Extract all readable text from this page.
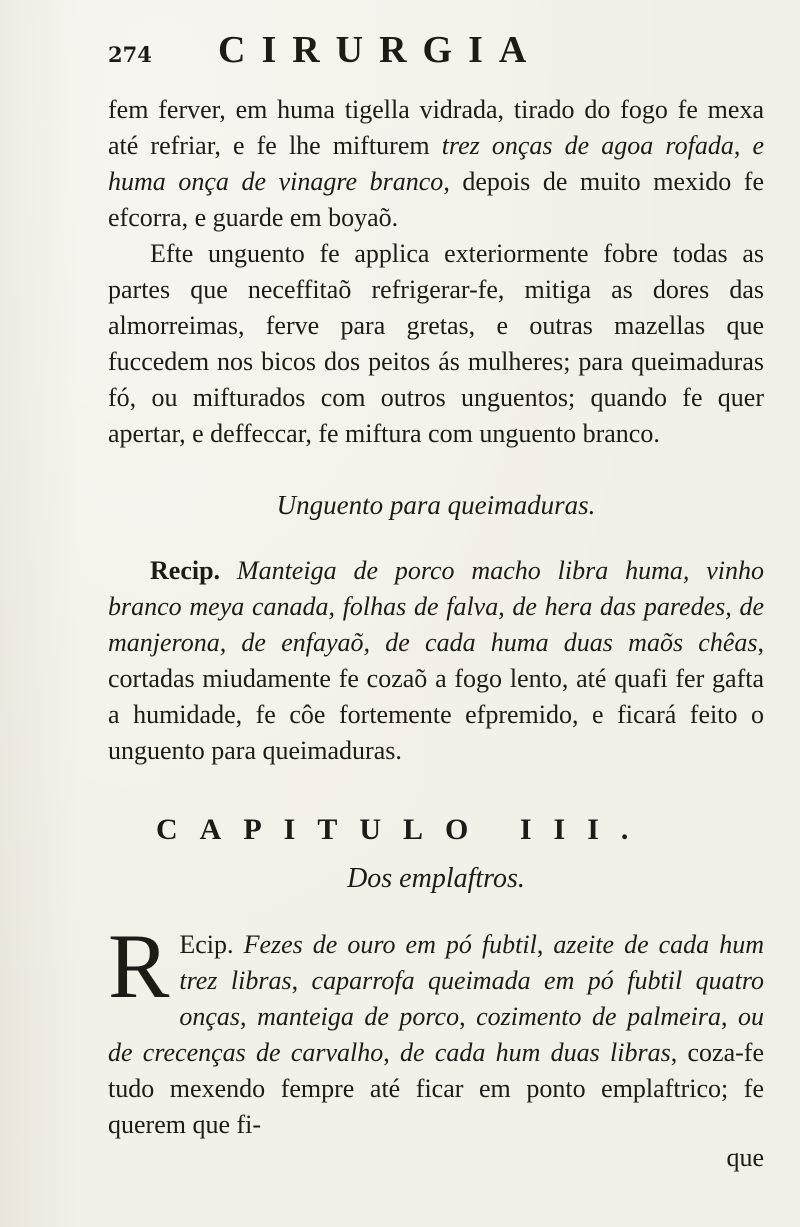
274	CIRURGIA

fem ferver, em huma tigella vidrada, tirado do fogo fe mexa até refriar, e fe lhe mifturem trez onças de agoa rofada, e huma onça de vinagre branco, depois de muito mexido fe efcorra, e guarde em boyaõ.

Efte unguento fe applica exteriormente fobre todas as partes que neceffitaõ refrigerar-fe, mitiga as dores das almorreimas, ferve para gretas, e outras mazellas que fuccedem nos bicos dos peitos ás mulheres; para queimaduras fó, ou mifturados com outros unguentos; quando fe quer apertar, e deffeccar, fe miftura com unguento branco.

Unguento para queimaduras.

Recip. Manteiga de porco macho libra huma, vinho branco meya canada, folhas de falva, de hera das paredes, de manjerona, de enfayaõ, de cada huma duas maõs chêas, cortadas miudamente fe cozaõ a fogo lento, até quafi fer gafta a humidade, fe côe fortemente efpremido, e ficará feito o unguento para queimaduras.

CAPITULO III.
Dos emplaftros.

R Ecip. Fezes de ouro em pó fubtil, azeite de cada hum trez libras, caparrofa queimada em pó fubtil quatro onças, manteiga de porco, cozimento de palmeira, ou de crecenças de carvalho, de cada hum duas libras, coza-fe tudo mexendo fempre até ficar em ponto emplaftrico; fe querem que fi-

que
